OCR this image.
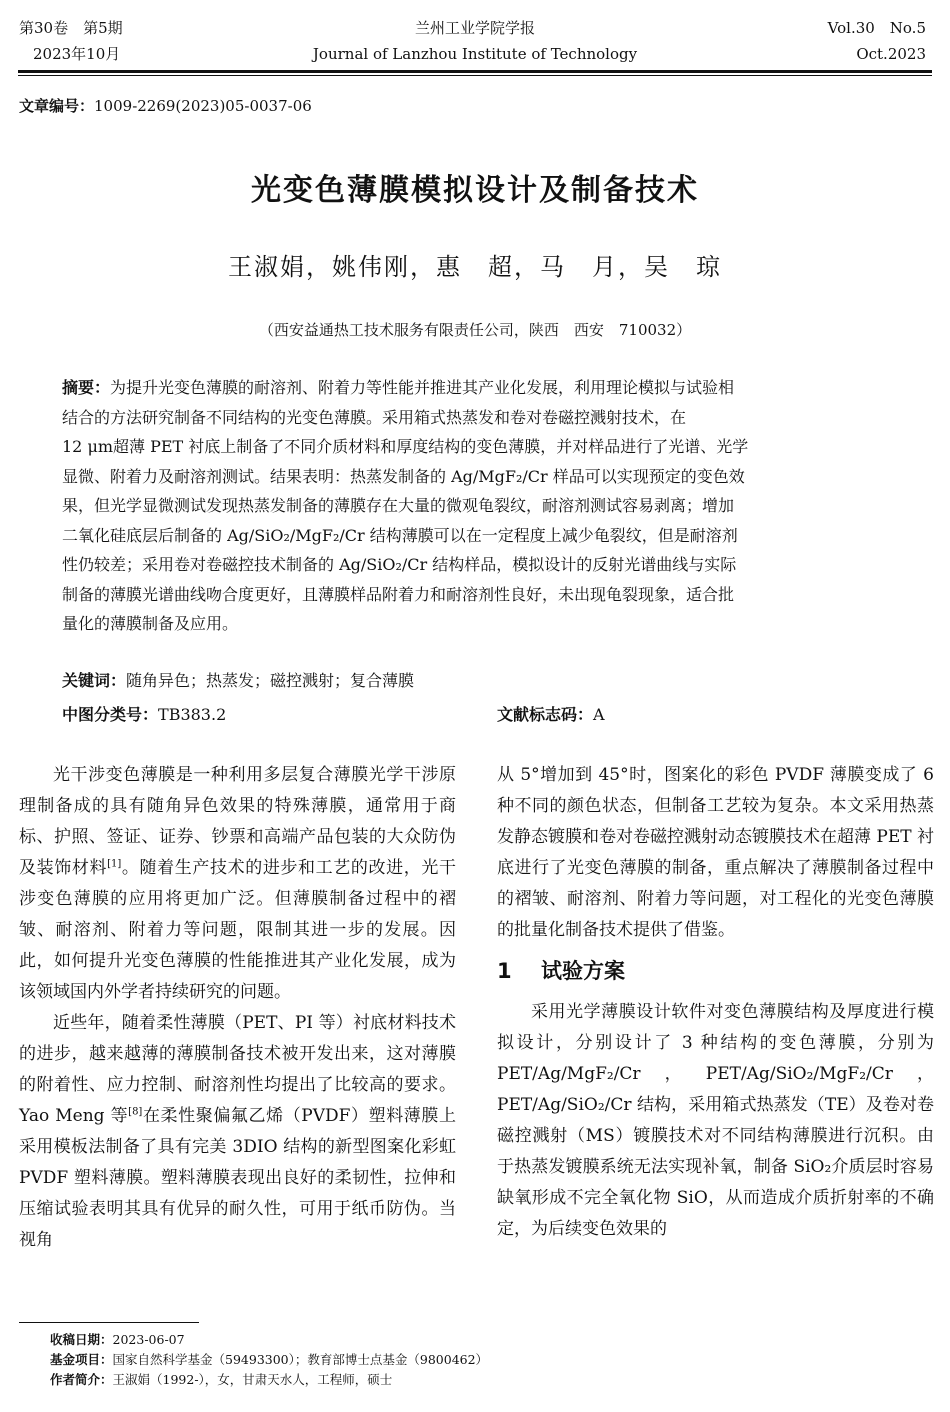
第30卷　第5期
2023年10月
兰州工业学院学报
Journal of Lanzhou Institute of Technology
Vol.30　No.5
Oct.2023
文章编号：1009-2269(2023)05-0037-06
光变色薄膜模拟设计及制备技术
王淑娟，姚伟刚，惠　超，马　月，吴　琼
（西安益通热工技术服务有限责任公司，陕西　西安　710032）
摘要：为提升光变色薄膜的耐溶剂、附着力等性能并推进其产业化发展，利用理论模拟与试验相
结合的方法研究制备不同结构的光变色薄膜。采用箱式热蒸发和卷对卷磁控溅射技术，在
12 μm超薄 PET 衬底上制备了不同介质材料和厚度结构的变色薄膜，并对样品进行了光谱、光学
显微、附着力及耐溶剂测试。结果表明：热蒸发制备的 Ag/MgF₂/Cr 样品可以实现预定的变色效
果，但光学显微测试发现热蒸发制备的薄膜存在大量的微观龟裂纹，耐溶剂测试容易剥离；增加
二氧化硅底层后制备的 Ag/SiO₂/MgF₂/Cr 结构薄膜可以在一定程度上减少龟裂纹，但是耐溶剂
性仍较差；采用卷对卷磁控技术制备的 Ag/SiO₂/Cr 结构样品，模拟设计的反射光谱曲线与实际
制备的薄膜光谱曲线吻合度更好，且薄膜样品附着力和耐溶剂性良好，未出现龟裂现象，适合批
量化的薄膜制备及应用。
关键词：随角异色；热蒸发；磁控溅射；复合薄膜
中图分类号：TB383.2	文献标志码：A

光干涉变色薄膜是一种利用多层复合薄膜光学干涉原理制备成的具有随角异色效果的特殊薄膜，通常用于商标、护照、签证、证券、钞票和高端产品包装的大众防伪及装饰材料[1]。随着生产技术的进步和工艺的改进，光干涉变色薄膜的应用将更加广泛。但薄膜制备过程中的褶皱、耐溶剂、附着力等问题，限制其进一步的发展。因此，如何提升光变色薄膜的性能推进其产业化发展，成为该领域国内外学者持续研究的问题。

近些年，随着柔性薄膜（PET、PI 等）衬底材料技术的进步，越来越薄的薄膜制备技术被开发出来，这对薄膜的附着性、应力控制、耐溶剂性均提出了比较高的要求。Yao Meng 等[8]在柔性聚偏氟乙烯（PVDF）塑料薄膜上采用模板法制备了具有完美 3DIO 结构的新型图案化彩虹 PVDF 塑料薄膜。塑料薄膜表现出良好的柔韧性，拉伸和压缩试验表明其具有优异的耐久性，可用于纸币防伪。当视角

从 5°增加到 45°时，图案化的彩色 PVDF 薄膜变成了 6 种不同的颜色状态，但制备工艺较为复杂。本文采用热蒸发静态镀膜和卷对卷磁控溅射动态镀膜技术在超薄 PET 衬底进行了光变色薄膜的制备，重点解决了薄膜制备过程中的褶皱、耐溶剂、附着力等问题，对工程化的光变色薄膜的批量化制备技术提供了借鉴。

1 试验方案

采用光学薄膜设计软件对变色薄膜结构及厚度进行模拟设计，分别设计了 3 种结构的变色薄膜，分别为 PET/Ag/MgF₂/Cr，PET/Ag/SiO₂/MgF₂/Cr，PET/Ag/SiO₂/Cr 结构，采用箱式热蒸发（TE）及卷对卷磁控溅射（MS）镀膜技术对不同结构薄膜进行沉积。由于热蒸发镀膜系统无法实现补氧，制备 SiO₂介质层时容易缺氧形成不完全氧化物 SiO，从而造成介质折射率的不确定，为后续变色效果的

收稿日期：2023-06-07
基金项目：国家自然科学基金（59493300）；教育部博士点基金（9800462）
作者简介：王淑娟（1992-），女，甘肃天水人，工程师，硕士
